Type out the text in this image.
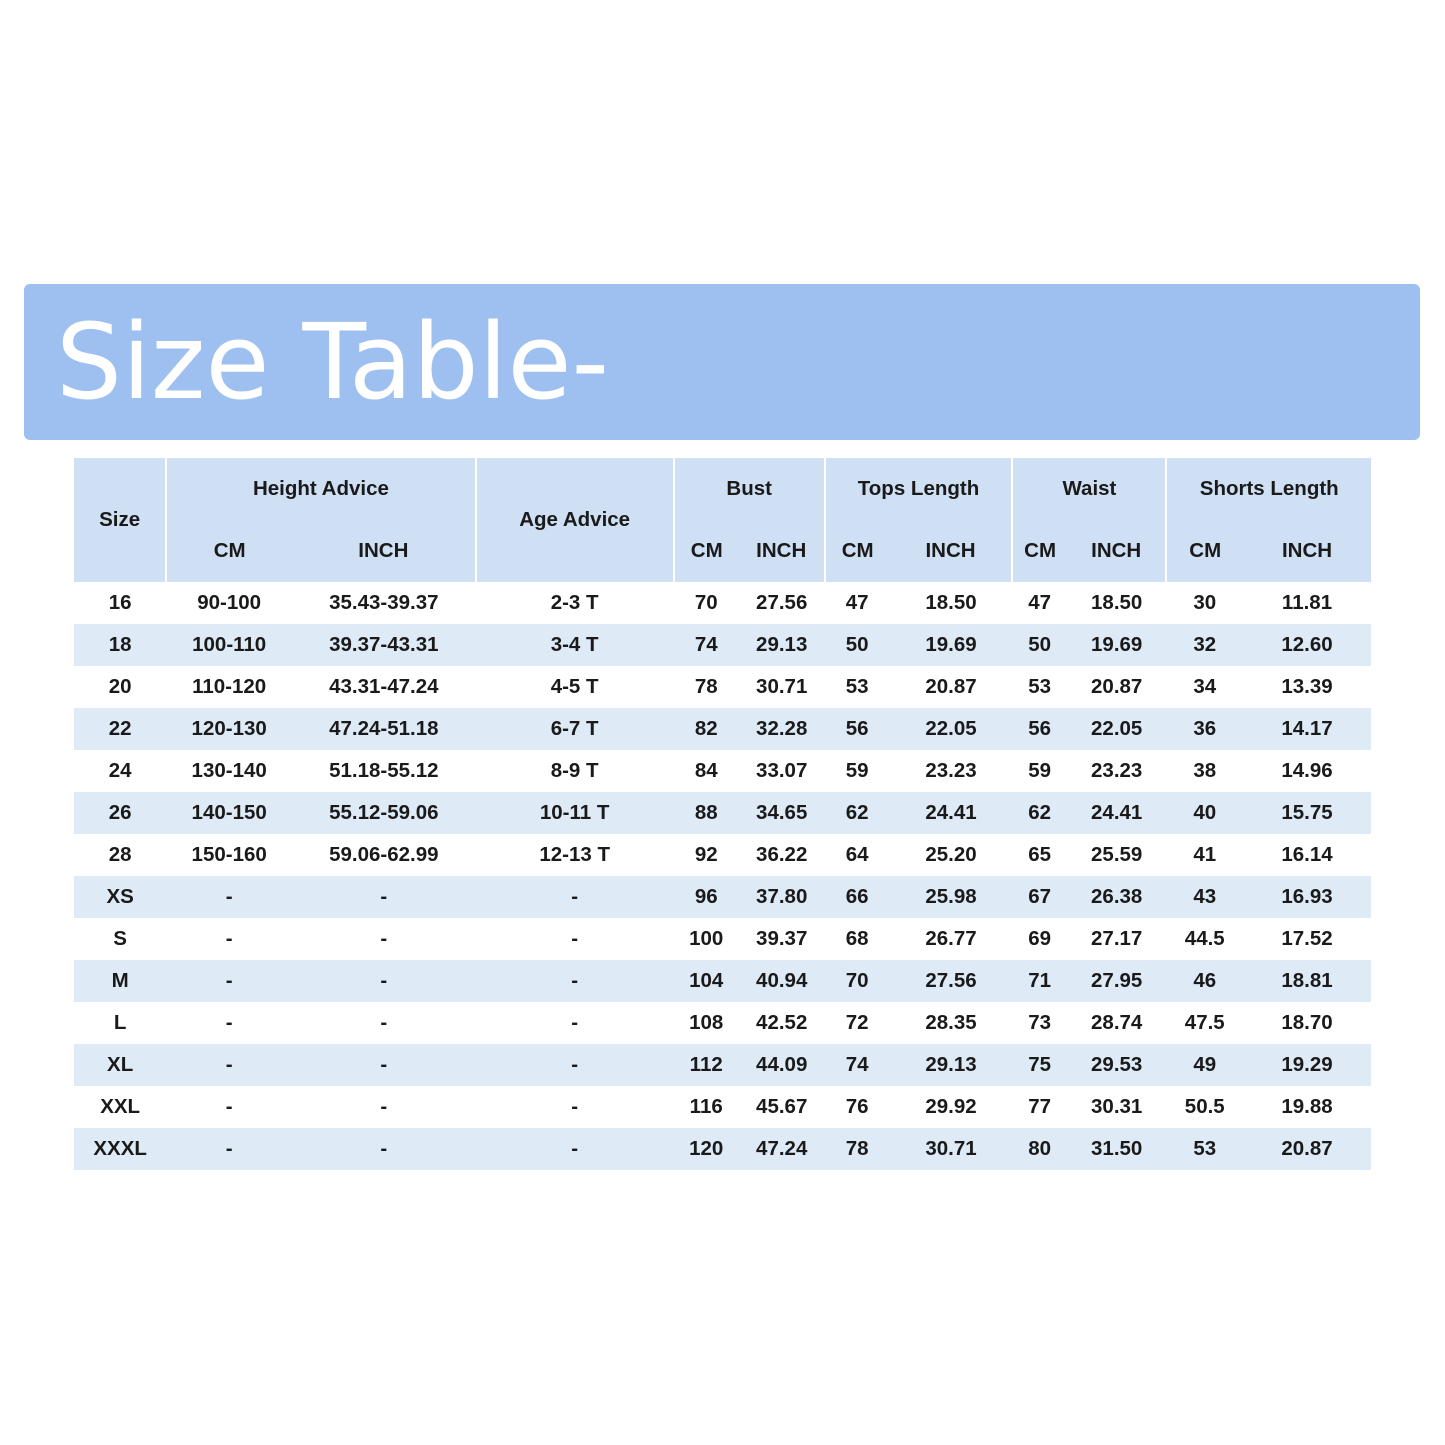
Size Table-
Size	Height Advice		Age Advice	Bust		Tops Length		Waist		Shorts Length	
	CM	INCH		CM	INCH	CM	INCH	CM	INCH	CM	INCH
16	90-100	35.43-39.37	2-3 T	70	27.56	47	18.50	47	18.50	30	11.81
18	100-110	39.37-43.31	3-4 T	74	29.13	50	19.69	50	19.69	32	12.60
20	110-120	43.31-47.24	4-5 T	78	30.71	53	20.87	53	20.87	34	13.39
22	120-130	47.24-51.18	6-7 T	82	32.28	56	22.05	56	22.05	36	14.17
24	130-140	51.18-55.12	8-9 T	84	33.07	59	23.23	59	23.23	38	14.96
26	140-150	55.12-59.06	10-11 T	88	34.65	62	24.41	62	24.41	40	15.75
28	150-160	59.06-62.99	12-13 T	92	36.22	64	25.20	65	25.59	41	16.14
XS	-	-	-	96	37.80	66	25.98	67	26.38	43	16.93
S	-	-	-	100	39.37	68	26.77	69	27.17	44.5	17.52
M	-	-	-	104	40.94	70	27.56	71	27.95	46	18.81
L	-	-	-	108	42.52	72	28.35	73	28.74	47.5	18.70
XL	-	-	-	112	44.09	74	29.13	75	29.53	49	19.29
XXL	-	-	-	116	45.67	76	29.92	77	30.31	50.5	19.88
XXXL	-	-	-	120	47.24	78	30.71	80	31.50	53	20.87
